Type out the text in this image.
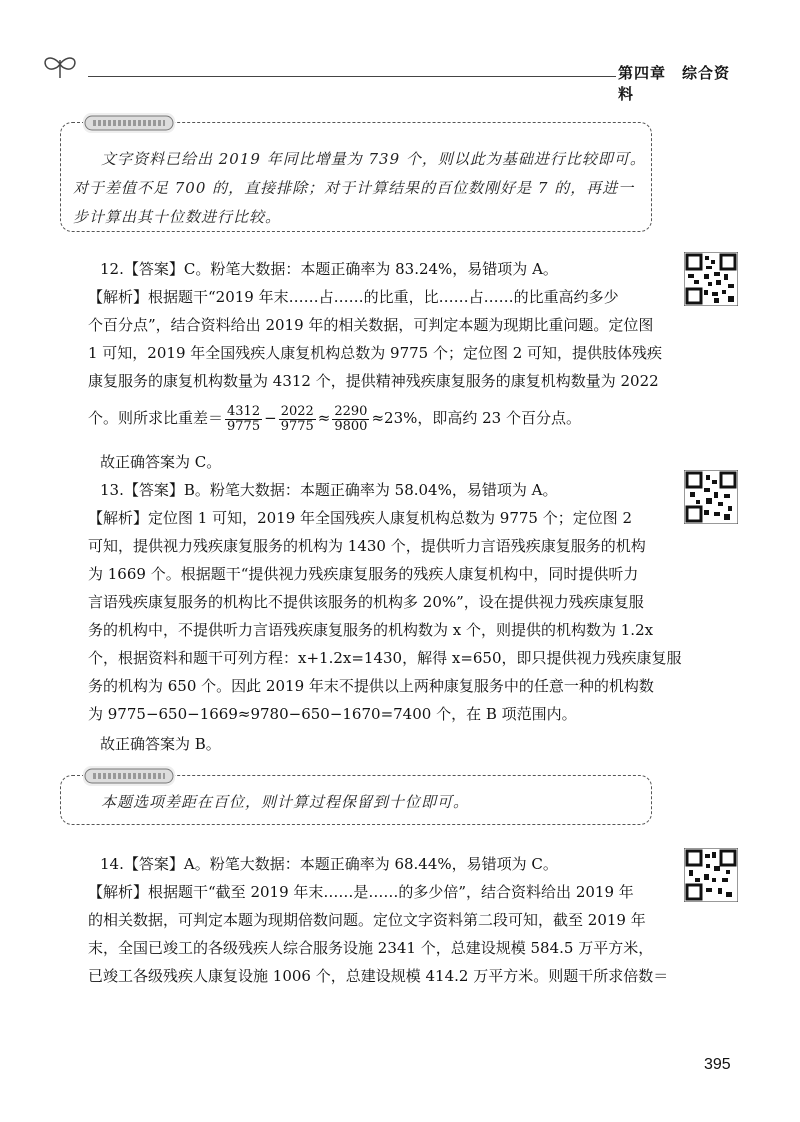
第四章　综合资料
文字资料已给出 2019 年同比增量为 739 个，则以此为基础进行比较即可。
对于差值不足 700 的，直接排除；对于计算结果的百位数刚好是 7 的，再进一
步计算出其十位数进行比较。
12.【答案】C。粉笔大数据：本题正确率为 83.24%，易错项为 A。
【解析】根据题干“2019 年末……占……的比重，比……占……的比重高约多少
个百分点”，结合资料给出 2019 年的相关数据，可判定本题为现期比重问题。定位图
1 可知，2019 年全国残疾人康复机构总数为 9775 个；定位图 2 可知，提供肢体残疾
康复服务的康复机构数量为 4312 个，提供精神残疾康复服务的康复机构数量为 2022
个。则所求比重差＝ $\frac{4312}{9775} - \frac{2022}{9775} \approx \frac{2290}{9800} \approx 23\%$，即高约 23 个百分点。
故正确答案为 C。
13.【答案】B。粉笔大数据：本题正确率为 58.04%，易错项为 A。
【解析】定位图 1 可知，2019 年全国残疾人康复机构总数为 9775 个；定位图 2
可知，提供视力残疾康复服务的机构为 1430 个，提供听力言语残疾康复服务的机构
为 1669 个。根据题干“提供视力残疾康复服务的残疾人康复机构中，同时提供听力
言语残疾康复服务的机构比不提供该服务的机构多 20%”，设在提供视力残疾康复服
务的机构中，不提供听力言语残疾康复服务的机构数为 x 个，则提供的机构数为 1.2x
个，根据资料和题干可列方程：x+1.2x=1430，解得 x=650，即只提供视力残疾康复服
务的机构为 650 个。因此 2019 年末不提供以上两种康复服务中的任意一种的机构数
为 9775−650−1669≈9780−650−1670=7400 个，在 B 项范围内。
故正确答案为 B。
本题选项差距在百位，则计算过程保留到十位即可。
14.【答案】A。粉笔大数据：本题正确率为 68.44%，易错项为 C。
【解析】根据题干“截至 2019 年末……是……的多少倍”，结合资料给出 2019 年
的相关数据，可判定本题为现期倍数问题。定位文字资料第二段可知，截至 2019 年
末，全国已竣工的各级残疾人综合服务设施 2341 个，总建设规模 584.5 万平方米，
已竣工各级残疾人康复设施 1006 个，总建设规模 414.2 万平方米。则题干所求倍数＝
395
